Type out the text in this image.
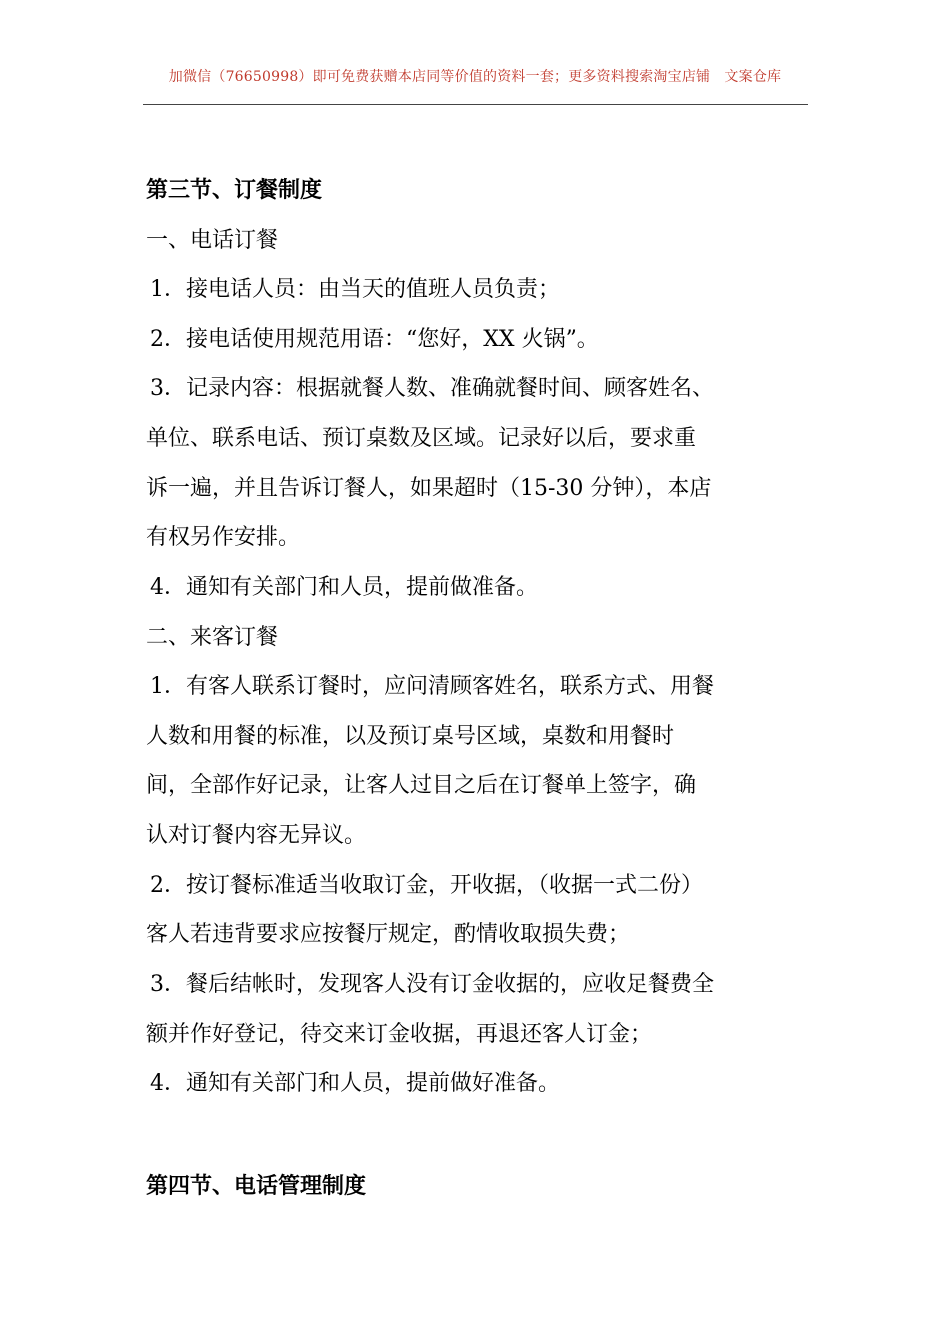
加微信（76650998）即可免费获赠本店同等价值的资料一套；更多资料搜索淘宝店铺　文案仓库
第三节、订餐制度
一、电话订餐
1．接电话人员：由当天的值班人员负责；
2．接电话使用规范用语：“您好，XX 火锅”。
3．记录内容：根据就餐人数、准确就餐时间、顾客姓名、
单位、联系电话、预订桌数及区域。记录好以后，要求重
诉一遍，并且告诉订餐人，如果超时（15-30 分钟），本店
有权另作安排。
4．通知有关部门和人员，提前做准备。
二、来客订餐
1．有客人联系订餐时，应问清顾客姓名，联系方式、用餐
人数和用餐的标准，以及预订桌号区域，桌数和用餐时
间，全部作好记录，让客人过目之后在订餐单上签字，确
认对订餐内容无异议。
2．按订餐标准适当收取订金，开收据，（收据一式二份）
客人若违背要求应按餐厅规定，酌情收取损失费；
3．餐后结帐时，发现客人没有订金收据的，应收足餐费全
额并作好登记，待交来订金收据，再退还客人订金；
4．通知有关部门和人员，提前做好准备。
第四节、电话管理制度
